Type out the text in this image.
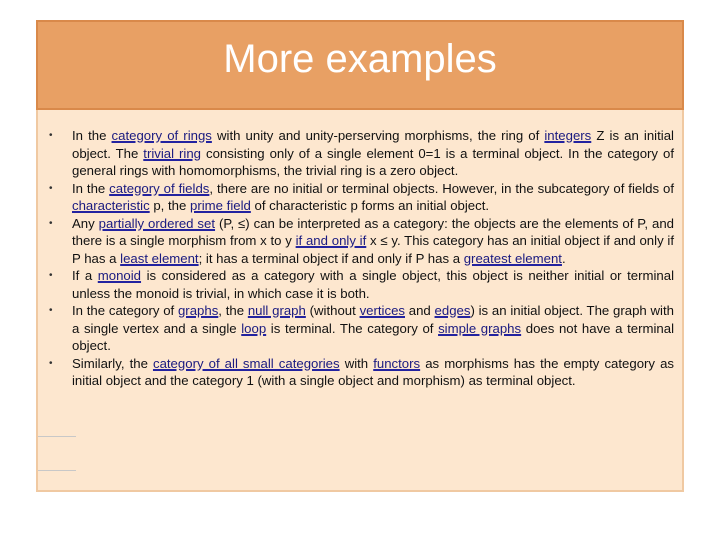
More examples
• In the category of rings with unity and unity-perserving morphisms, the ring of integers Z is an initial object. The trivial ring consisting only of a single element 0=1 is a terminal object. In the category of general rings with homomorphisms, the trivial ring is a zero object.
• In the category of fields, there are no initial or terminal objects. However, in the subcategory of fields of characteristic p, the prime field of characteristic p forms an initial object.
• Any partially ordered set (P, ≤) can be interpreted as a category: the objects are the elements of P, and there is a single morphism from x to y if and only if x ≤ y. This category has an initial object if and only if P has a least element; it has a terminal object if and only if P has a greatest element.
• If a monoid is considered as a category with a single object, this object is neither initial or terminal unless the monoid is trivial, in which case it is both.
• In the category of graphs, the null graph (without vertices and edges) is an initial object. The graph with a single vertex and a single loop is terminal. The category of simple graphs does not have a terminal object.
• Similarly, the category of all small categories with functors as morphisms has the empty category as initial object and the category 1 (with a single object and morphism) as terminal object.
